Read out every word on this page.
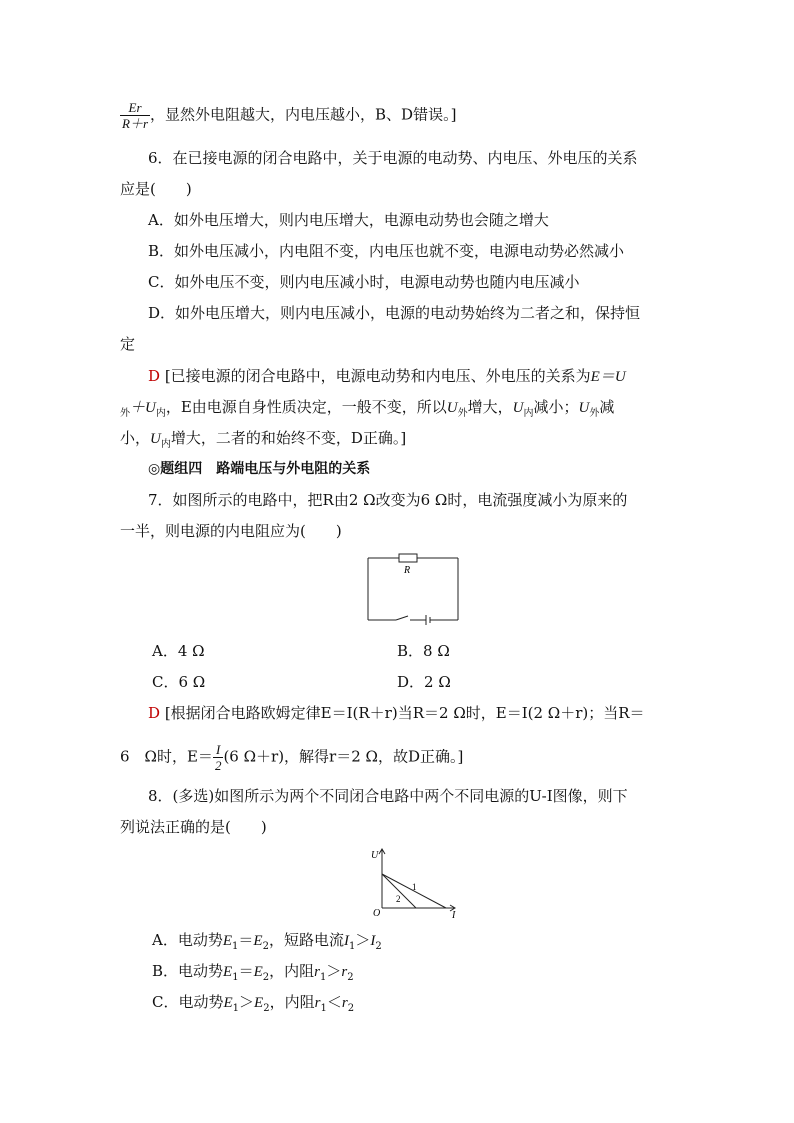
$\frac{Er}{R+r}$ ，显然外电阻越大，内电压越小，B、D错误。]
6．在已接电源的闭合电路中，关于电源的电动势、内电压、外电压的关系
应是(　　)
A．如外电压增大，则内电压增大，电源电动势也会随之增大
B．如外电压减小，内电阻不变，内电压也就不变，电源电动势必然减小
C．如外电压不变，则内电压减小时，电源电动势也随内电压减小
D．如外电压增大，则内电压减小，电源的电动势始终为二者之和，保持恒
定
D [已接电源的闭合电路中，电源电动势和内电压、外电压的关系为E＝U
$_外+U_内$，E由电源自身性质决定，一般不变，所以$U_外$增大，$U_内$减小；$U_外$减
小，$U_内$增大，二者的和始终不变，D正确。]
◎题组四　路端电压与外电阻的关系
7．如图所示的电路中，把R由2 Ω改变为6 Ω时，电流强度减小为原来的
一半，则电源的内电阻应为(　　)
R
A．4 Ω	B．8 Ω
C．6 Ω	D．2 Ω
D [根据闭合电路欧姆定律E＝I(R＋r)当R＝2 Ω时，E＝I(2 Ω＋r)；当R＝
6　Ω时，$E= \frac{I}{2} (6$ Ω＋r)，解得r＝2 Ω，故D正确。]
8．(多选)如图所示为两个不同闭合电路中两个不同电源的U-I图像，则下
列说法正确的是(　　)
U
I
O
1
2
A．电动势$E_1=E_2$，短路电流$I_1>I_2$
B．电动势$E_1=E_2$，内阻$r_1>r_2$
C．电动势$E_1>E_2$，内阻$r_1<r_2$
